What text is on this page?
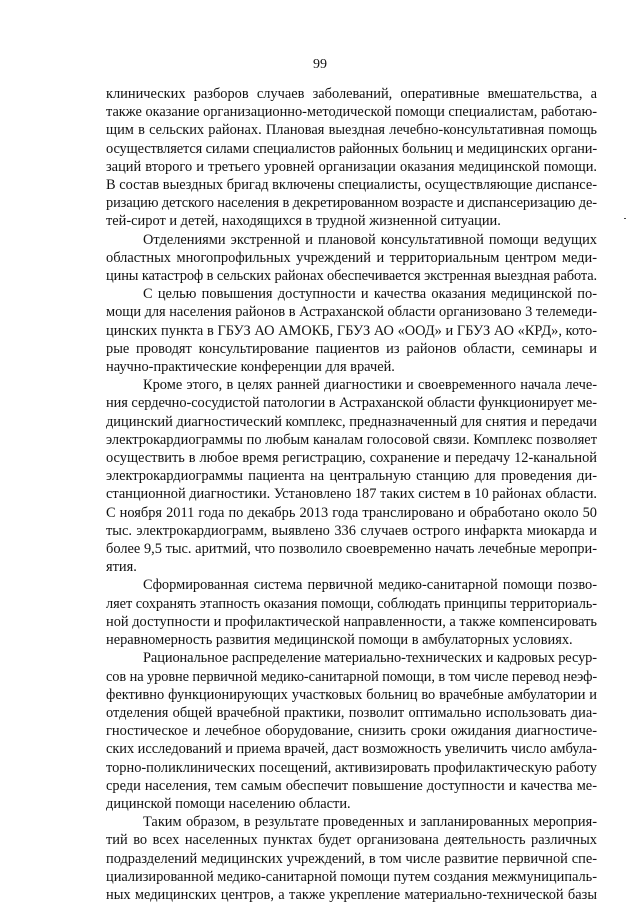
99

клинических разборов случаев заболеваний, оперативные вмешательства, а
также оказание организационно-методической помощи специалистам, работаю-
щим в сельских районах. Плановая выездная лечебно-консультативная помощь
осуществляется силами специалистов районных больниц и медицинских органи-
заций второго и третьего уровней организации оказания медицинской помощи.
В состав выездных бригад включены специалисты, осуществляющие диспансе-
ризацию детского населения в декретированном возрасте и диспансеризацию де-
тей-сирот и детей, находящихся в трудной жизненной ситуации.

Отделениями экстренной и плановой консультативной помощи ведущих
областных многопрофильных учреждений и территориальным центром меди-
цины катастроф в сельских районах обеспечивается экстренная выездная работа.

С целью повышения доступности и качества оказания медицинской по-
мощи для населения районов в Астраханской области организовано 3 телемеди-
цинских пункта в ГБУЗ АО АМОКБ, ГБУЗ АО «ООД» и ГБУЗ АО «КРД», кото-
рые проводят консультирование пациентов из районов области, семинары и
научно-практические конференции для врачей.

Кроме этого, в целях ранней диагностики и своевременного начала лече-
ния сердечно-сосудистой патологии в Астраханской области функционирует ме-
дицинский диагностический комплекс, предназначенный для снятия и передачи
электрокардиограммы по любым каналам голосовой связи. Комплекс позволяет
осуществить в любое время регистрацию, сохранение и передачу 12-канальной
электрокардиограммы пациента на центральную станцию для проведения ди-
станционной диагностики. Установлено 187 таких систем в 10 районах области.
С ноября 2011 года по декабрь 2013 года транслировано и обработано около 50
тыс. электрокардиограмм, выявлено 336 случаев острого инфаркта миокарда и
более 9,5 тыс. аритмий, что позволило своевременно начать лечебные меропри-
ятия.

Сформированная система первичной медико-санитарной помощи позво-
ляет сохранять этапность оказания помощи, соблюдать принципы территориаль-
ной доступности и профилактической направленности, а также компенсировать
неравномерность развития медицинской помощи в амбулаторных условиях.

Рациональное распределение материально-технических и кадровых ресур-
сов на уровне первичной медико-санитарной помощи, в том числе перевод неэф-
фективно функционирующих участковых больниц во врачебные амбулатории и
отделения общей врачебной практики, позволит оптимально использовать диа-
гностическое и лечебное оборудование, снизить сроки ожидания диагностиче-
ских исследований и приема врачей, даст возможность увеличить число амбула-
торно-поликлинических посещений, активизировать профилактическую работу
среди населения, тем самым обеспечит повышение доступности и качества ме-
дицинской помощи населению области.

Таким образом, в результате проведенных и запланированных мероприя-
тий во всех населенных пунктах будет организована деятельность различных
подразделений медицинских учреждений, в том числе развитие первичной спе-
циализированной медико-санитарной помощи путем создания межмуниципаль-
ных медицинских центров, а также укрепление материально-технической базы
